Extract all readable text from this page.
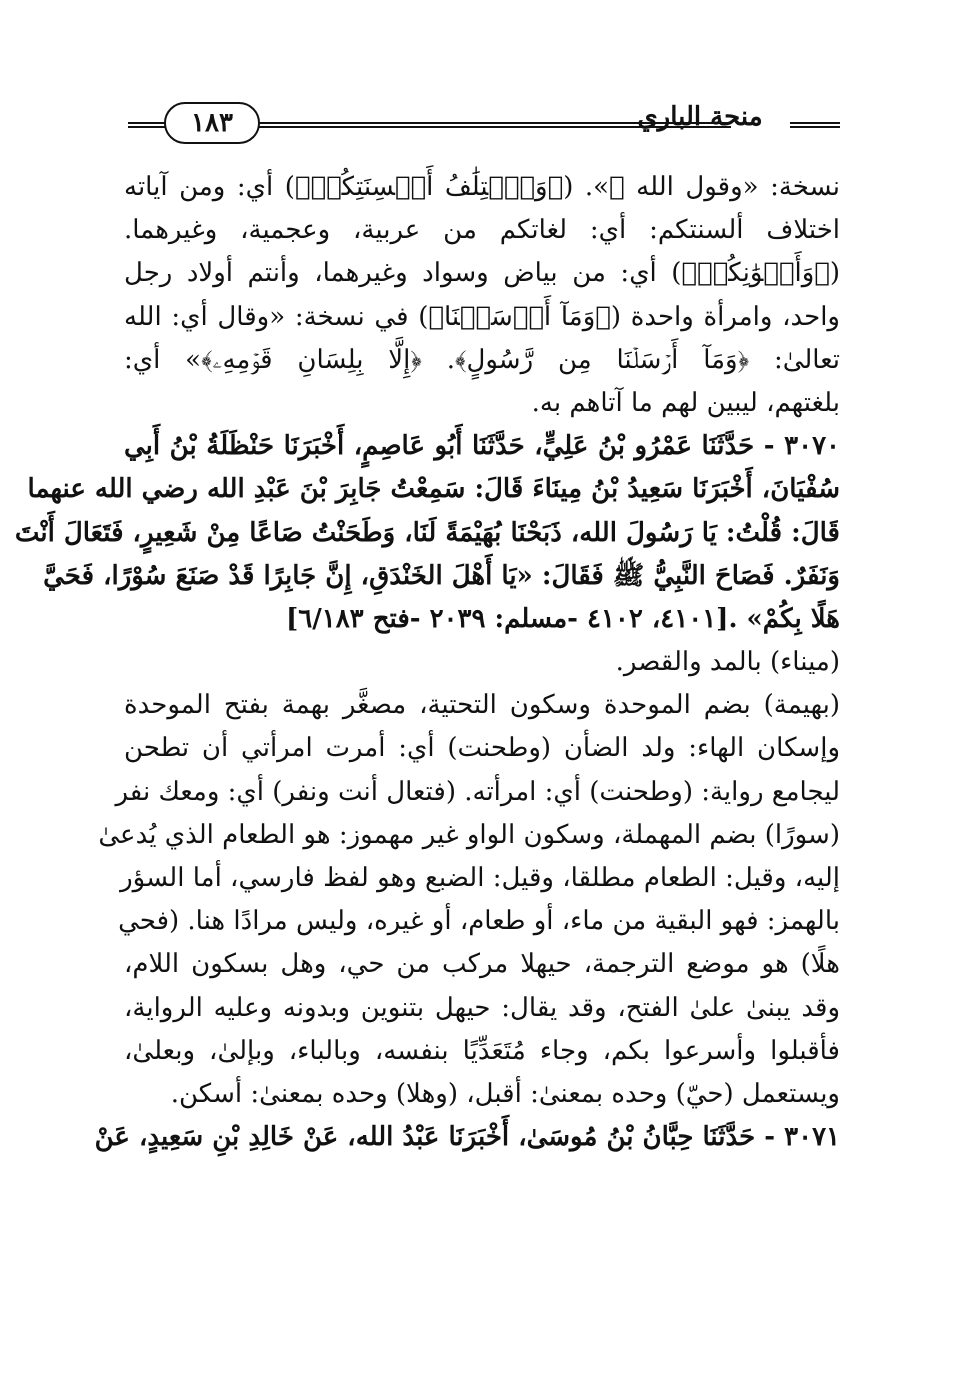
١٨٣	منحة الباري
نسخة: «وقول الله ﷻ». (﴿وَٱخۡتِلَٰفُ أَلۡسِنَتِكُمۡ﴾) أي: ومن آياته
اختلاف ألسنتكم: أي: لغاتكم من عربية، وعجمية، وغيرهما.
(﴿وَأَلۡوَٰنِكُمۡ﴾) أي: من بياض وسواد وغيرهما، وأنتم أولاد رجل
واحد، وامرأة واحدة (﴿وَمَآ أَرۡسَلۡنَا﴾) في نسخة: «وقال أي: الله
تعالىٰ: ﴿وَمَآ أَرۡسَلۡنَا مِن رَّسُولٍ﴾. ﴿إِلَّا بِلِسَانِ قَوۡمِهِۦ﴾» أي:
بلغتهم، ليبين لهم ما آتاهم به.
٣٠٧٠ - حَدَّثَنَا عَمْرُو بْنُ عَلِيٍّ، حَدَّثَنَا أَبُو عَاصِمٍ، أَخْبَرَنَا حَنْظَلَةُ بْنُ أَبِي
سُفْيَانَ، أَخْبَرَنَا سَعِيدُ بْنُ مِينَاءَ قَالَ: سَمِعْتُ جَابِرَ بْنَ عَبْدِ الله رضي الله عنهما
قَالَ: قُلْتُ: يَا رَسُولَ الله، ذَبَحْنَا بُهَيْمَةً لَنَا، وَطَحَنْتُ صَاعًا مِنْ شَعِيرٍ، فَتَعَالَ أَنْتَ
وَنَفَرٌ. فَصَاحَ النَّبِيُّ ﷺ فَقَالَ: «يَا أَهْلَ الخَنْدَقِ، إِنَّ جَابِرًا قَدْ صَنَعَ سُوْرًا، فَحَيَّ
هَلًا بِكُمْ» .[٤١٠١، ٤١٠٢ -مسلم: ٢٠٣٩ -فتح ٦/١٨٣]
(ميناء) بالمد والقصر.
(بهيمة) بضم الموحدة وسكون التحتية، مصغَّر بهمة بفتح الموحدة
وإسكان الهاء: ولد الضأن (وطحنت) أي: أمرت امرأتي أن تطحن
ليجامع رواية: (وطحنت) أي: امرأته. (فتعال أنت ونفر) أي: ومعك نفر
(سورًا) بضم المهملة، وسكون الواو غير مهموز: هو الطعام الذي يُدعىٰ
إليه، وقيل: الطعام مطلقا، وقيل: الضبع وهو لفظ فارسي، أما السؤر
بالهمز: فهو البقية من ماء، أو طعام، أو غيره، وليس مرادًا هنا. (فحي
هلًا) هو موضع الترجمة، حيهلا مركب من حي، وهل بسكون اللام،
وقد يبنىٰ علىٰ الفتح، وقد يقال: حيهل بتنوين وبدونه وعليه الرواية،
فأقبلوا وأسرعوا بكم، وجاء مُتَعَدِّيًا بنفسه، وبالباء، وبإلىٰ، وبعلىٰ،
ويستعمل (حيّ) وحده بمعنىٰ: أقبل، (وهلا) وحده بمعنىٰ: أسكن.
٣٠٧١ - حَدَّثَنَا حِبَّانُ بْنُ مُوسَىٰ، أَخْبَرَنَا عَبْدُ الله، عَنْ خَالِدِ بْنِ سَعِيدٍ، عَنْ
